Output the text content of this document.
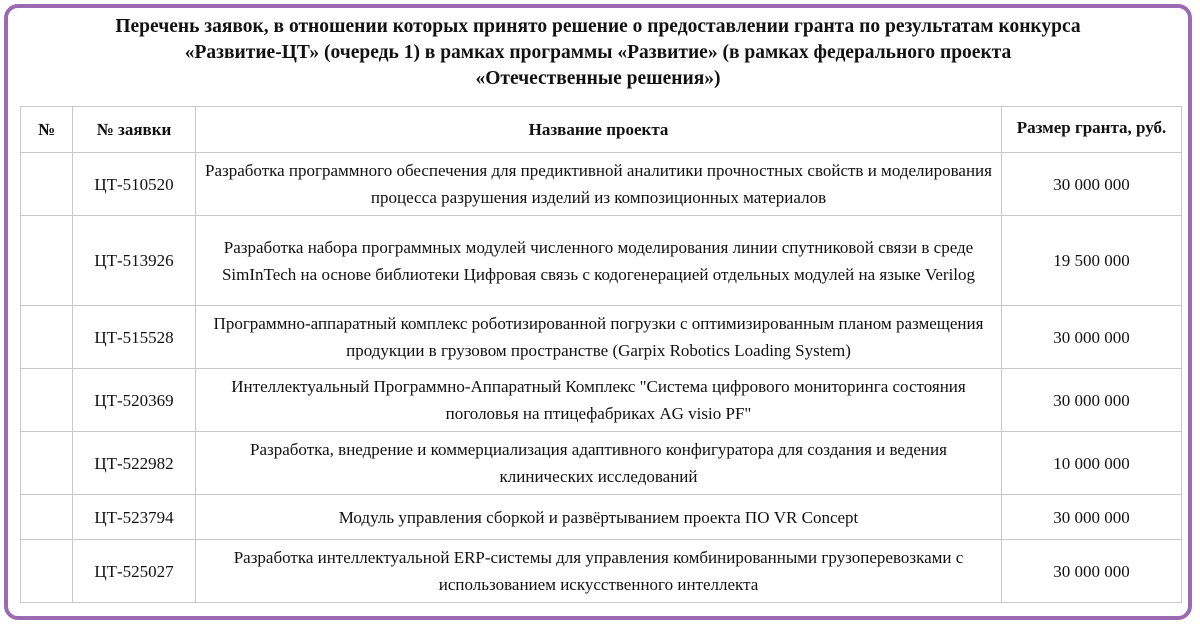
Перечень заявок, в отношении которых принято решение о предоставлении гранта по результатам конкурса
«Развитие-ЦТ» (очередь 1) в рамках программы «Развитие» (в рамках федерального проекта
«Отечественные решения»)
№	№ заявки	Название проекта	Размер гранта, руб.

	ЦТ-510520	Разработка программного обеспечения для предиктивной аналитики прочностных свойств и моделирования процесса разрушения изделий из композиционных материалов	30 000 000
	ЦТ-513926	Разработка набора программных модулей численного моделирования линии спутниковой связи в среде SimInTech на основе библиотеки Цифровая связь с кодогенерацией отдельных модулей на языке Verilog	19 500 000
	ЦТ-515528	Программно-аппаратный комплекс роботизированной погрузки с оптимизированным планом размещения продукции в грузовом пространстве (Garpix Robotics Loading System)	30 000 000
	ЦТ-520369	Интеллектуальный Программно-Аппаратный Комплекс "Система цифрового мониторинга состояния поголовья на птицефабриках AG visio PF"	30 000 000
	ЦТ-522982	Разработка, внедрение и коммерциализация адаптивного конфигуратора для создания и ведения клинических исследований	10 000 000
	ЦТ-523794	Модуль управления сборкой и развёртыванием проекта ПО VR Concept	30 000 000
	ЦТ-525027	Разработка интеллектуальной ERP-системы для управления комбинированными грузоперевозками с использованием искусственного интеллекта	30 000 000
